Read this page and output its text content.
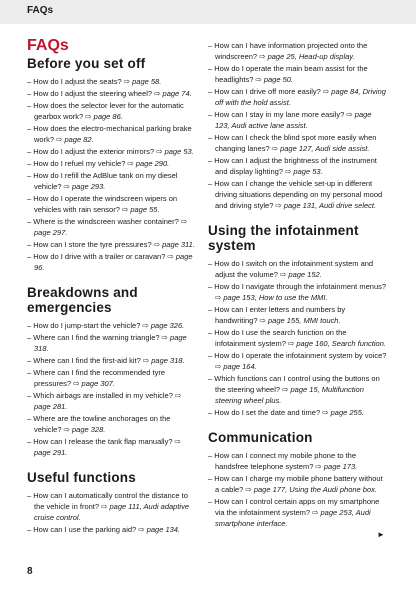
FAQs
FAQs
Before you set off
– How do I adjust the seats? ⇨ page 58.
– How do I adjust the steering wheel? ⇨ page 74.
– How does the selector lever for the automatic gearbox work? ⇨ page 86.
– How does the electro-mechanical parking brake work? ⇨ page 82.
– How do I adjust the exterior mirrors? ⇨ page 53.
– How do I refuel my vehicle? ⇨ page 290.
– How do I refill the AdBlue tank on my diesel vehicle? ⇨ page 293.
– How do I operate the windscreen wipers on vehicles with rain sensor? ⇨ page 55.
– Where is the windscreen washer container? ⇨ page 297.
– How can I store the tyre pressures? ⇨ page 311.
– How do I drive with a trailer or caravan? ⇨ page 96.
Breakdowns and emergencies
– How do I jump-start the vehicle? ⇨ page 326.
– Where can I find the warning triangle? ⇨ page 318.
– Where can I find the first-aid kit? ⇨ page 318.
– Where can I find the recommended tyre pressures? ⇨ page 307.
– Which airbags are installed in my vehicle? ⇨ page 281.
– Where are the towline anchorages on the vehicle? ⇨ page 328.
– How can I release the tank flap manually? ⇨ page 291.
Useful functions
– How can I automatically control the distance to the vehicle in front? ⇨ page 111, Audi adaptive cruise control.
– How can I use the parking aid? ⇨ page 134.
– How can I have information projected onto the windscreen? ⇨ page 25, Head-up display.
– How do I operate the main beam assist for the headlights? ⇨ page 50.
– How can I drive off more easily? ⇨ page 84, Driving off with the hold assist.
– How can I stay in my lane more easily? ⇨ page 123, Audi active lane assist.
– How can I check the blind spot more easily when changing lanes? ⇨ page 127, Audi side assist.
– How can I adjust the brightness of the instrument and display lighting? ⇨ page 53.
– How can I change the vehicle set-up in different driving situations depending on my personal mood and driving style? ⇨ page 131, Audi drive select.
Using the infotainment system
– How do I switch on the infotainment system and adjust the volume? ⇨ page 152.
– How do I navigate through the infotainment menus? ⇨ page 153, How to use the MMI.
– How can I enter letters and numbers by handwriting? ⇨ page 155, MMI touch.
– How do I use the search function on the infotainment system? ⇨ page 160, Search function.
– How do I operate the infotainment system by voice? ⇨ page 164.
– Which functions can I control using the buttons on the steering wheel? ⇨ page 15, Multifunction steering wheel plus.
– How do I set the date and time? ⇨ page 255.
Communication
– How can I connect my mobile phone to the handsfree telephone system? ⇨ page 173.
– How can I charge my mobile phone battery without a cable? ⇨ page 177, Using the Audi phone box.
– How can I control certain apps on my smartphone via the infotainment system? ⇨ page 253, Audi smartphone interface.
►
8
